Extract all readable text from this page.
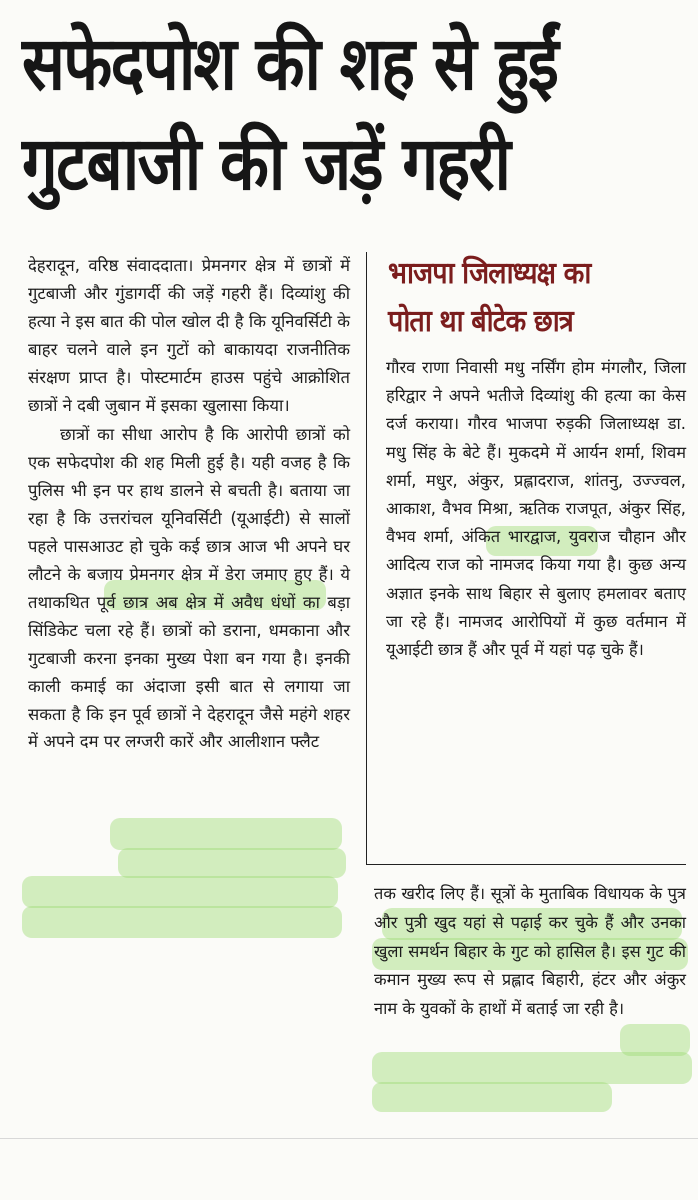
सफेदपोश की शह से हुईं
गुटबाजी की जड़ें गहरी

देहरादून, वरिष्ठ संवाददाता। प्रेमनगर क्षेत्र में छात्रों में गुटबाजी और गुंडागर्दी की जड़ें गहरी हैं। दिव्यांशु की हत्या ने इस बात की पोल खोल दी है कि यूनिवर्सिटी के बाहर चलने वाले इन गुटों को बाकायदा राजनीतिक संरक्षण प्राप्त है। पोस्टमार्टम हाउस पहुंचे आक्रोशित छात्रों ने दबी जुबान में इसका खुलासा किया।

छात्रों का सीधा आरोप है कि आरोपी छात्रों को एक सफेदपोश की शह मिली हुई है। यही वजह है कि पुलिस भी इन पर हाथ डालने से बचती है। बताया जा रहा है कि उत्तरांचल यूनिवर्सिटी (यूआईटी) से सालों पहले पासआउट हो चुके कई छात्र आज भी अपने घर लौटने के बजाय प्रेमनगर क्षेत्र में डेरा जमाए हुए हैं। ये तथाकथित पूर्व छात्र अब क्षेत्र में अवैध धंधों का बड़ा सिंडिकेट चला रहे हैं। छात्रों को डराना, धमकाना और गुटबाजी करना इनका मुख्य पेशा बन गया है। इनकी काली कमाई का अंदाजा इसी बात से लगाया जा सकता है कि इन पूर्व छात्रों ने देहरादून जैसे महंगे शहर में अपने दम पर लग्जरी कारें और आलीशान फ्लैट

भाजपा जिलाध्यक्ष का
पोता था बीटेक छात्र

गौरव राणा निवासी मधु नर्सिंग होम मंगलौर, जिला हरिद्वार ने अपने भतीजे दिव्यांशु की हत्या का केस दर्ज कराया। गौरव भाजपा रुड़की जिलाध्यक्ष डा. मधु सिंह के बेटे हैं। मुकदमे में आर्यन शर्मा, शिवम शर्मा, मधुर, अंकुर, प्रह्लादराज, शांतनु, उज्ज्वल, आकाश, वैभव मिश्रा, ऋतिक राजपूत, अंकुर सिंह, वैभव शर्मा, अंकित भारद्वाज, युवराज चौहान और आदित्य राज को नामजद किया गया है। कुछ अन्य अज्ञात इनके साथ बिहार से बुलाए हमलावर बताए जा रहे हैं। नामजद आरोपियों में कुछ वर्तमान में यूआईटी छात्र हैं और पूर्व में यहां पढ़ चुके हैं।

तक खरीद लिए हैं। सूत्रों के मुताबिक विधायक के पुत्र और पुत्री खुद यहां से पढ़ाई कर चुके हैं और उनका खुला समर्थन बिहार के गुट को हासिल है। इस गुट की कमान मुख्य रूप से प्रह्लाद बिहारी, हंटर और अंकुर नाम के युवकों के हाथों में बताई जा रही है।
